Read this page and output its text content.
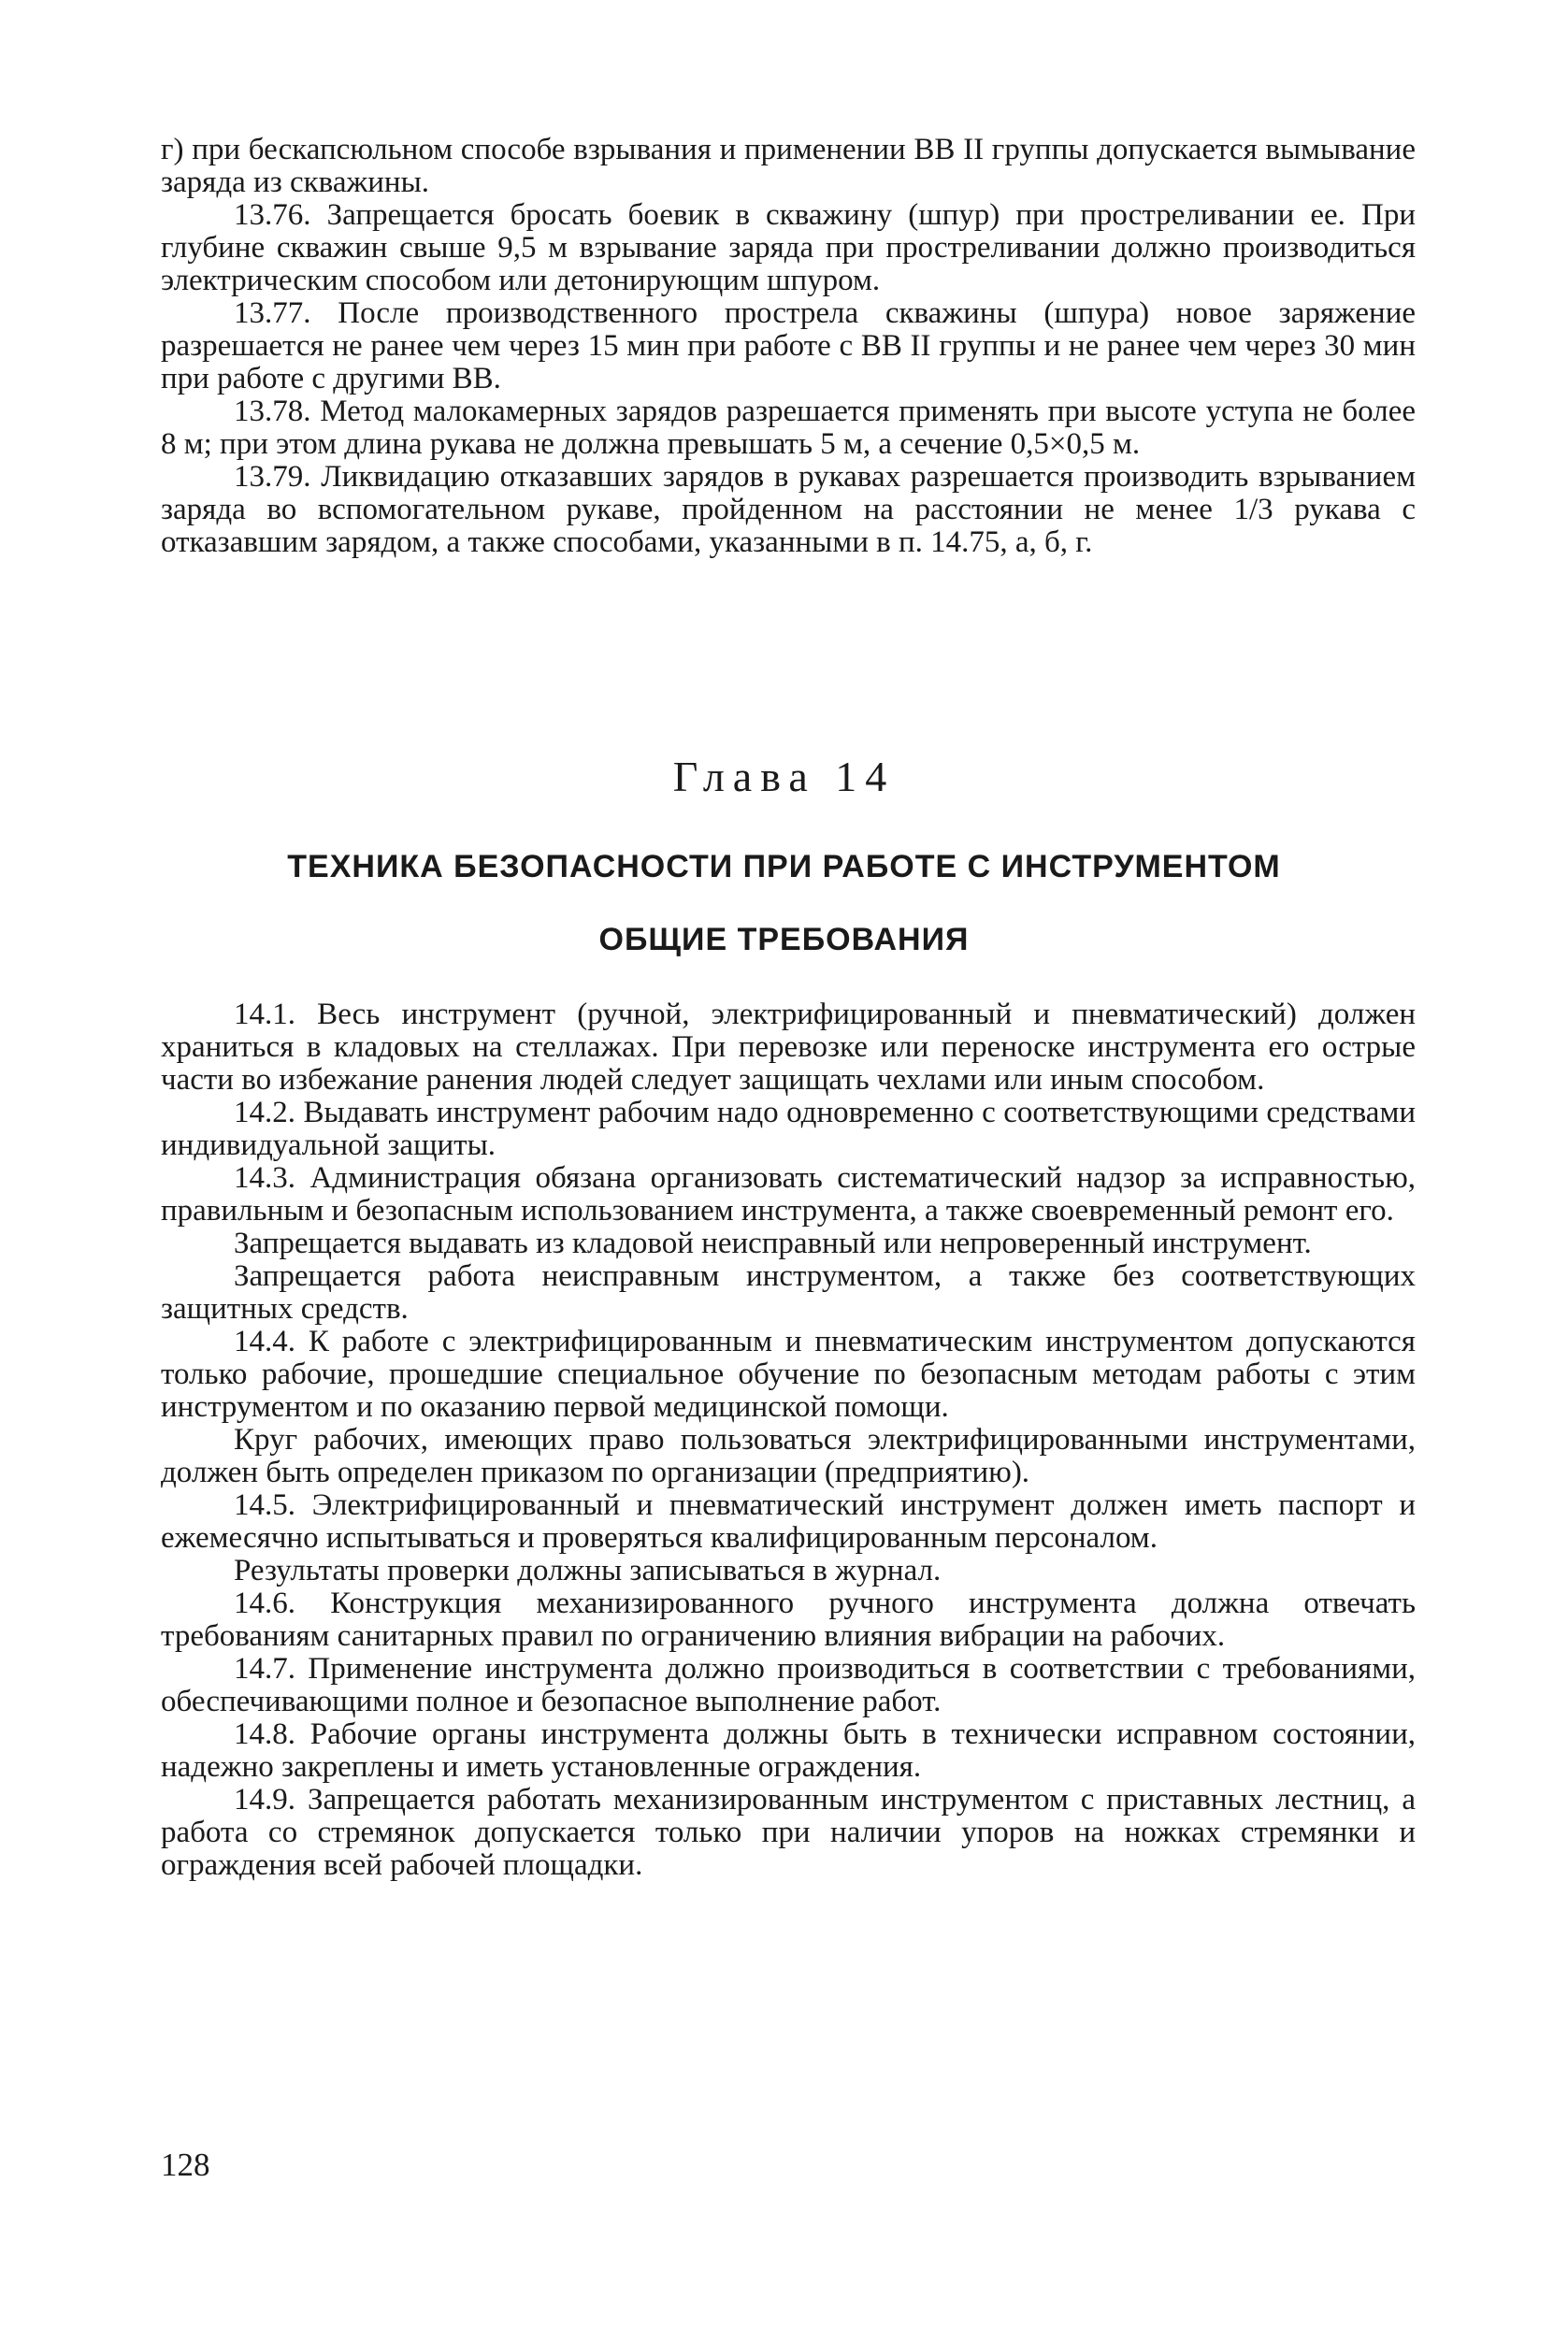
г) при бескапсюльном способе взрывания и применении ВВ II группы допускается вымывание заряда из скважины.

13.76. Запрещается бросать боевик в скважину (шпур) при простреливании ее. При глубине скважин свыше 9,5 м взрывание заряда при простреливании должно производиться электрическим способом или детонирующим шпуром.

13.77. После производственного прострела скважины (шпура) новое заряжение разрешается не ранее чем через 15 мин при работе с ВВ II группы и не ранее чем через 30 мин при работе с другими ВВ.

13.78. Метод малокамерных зарядов разрешается применять при высоте уступа не более 8 м; при этом длина рукава не должна превышать 5 м, а сечение 0,5×0,5 м.

13.79. Ликвидацию отказавших зарядов в рукавах разрешается производить взрыванием заряда во вспомогательном рукаве, пройденном на расстоянии не менее 1/3 рукава с отказавшим зарядом, а также способами, указанными в п. 14.75, а, б, г.

Глава 14
ТЕХНИКА БЕЗОПАСНОСТИ ПРИ РАБОТЕ С ИНСТРУМЕНТОМ
ОБЩИЕ ТРЕБОВАНИЯ

14.1. Весь инструмент (ручной, электрифицированный и пневматический) должен храниться в кладовых на стеллажах. При перевозке или переноске инструмента его острые части во избежание ранения людей следует защищать чехлами или иным способом.

14.2. Выдавать инструмент рабочим надо одновременно с соответствующими средствами индивидуальной защиты.

14.3. Администрация обязана организовать систематический надзор за исправностью, правильным и безопасным использованием инструмента, а также своевременный ремонт его.

Запрещается выдавать из кладовой неисправный или непроверенный инструмент.

Запрещается работа неисправным инструментом, а также без соответствующих защитных средств.

14.4. К работе с электрифицированным и пневматическим инструментом допускаются только рабочие, прошедшие специальное обучение по безопасным методам работы с этим инструментом и по оказанию первой медицинской помощи.

Круг рабочих, имеющих право пользоваться электрифицированными инструментами, должен быть определен приказом по организации (предприятию).

14.5. Электрифицированный и пневматический инструмент должен иметь паспорт и ежемесячно испытываться и проверяться квалифицированным персоналом.

Результаты проверки должны записываться в журнал.

14.6. Конструкция механизированного ручного инструмента должна отвечать требованиям санитарных правил по ограничению влияния вибрации на рабочих.

14.7. Применение инструмента должно производиться в соответствии с требованиями, обеспечивающими полное и безопасное выполнение работ.

14.8. Рабочие органы инструмента должны быть в технически исправном состоянии, надежно закреплены и иметь установленные ограждения.

14.9. Запрещается работать механизированным инструментом с приставных лестниц, а работа со стремянок допускается только при наличии упоров на ножках стремянки и ограждения всей рабочей площадки.

128
